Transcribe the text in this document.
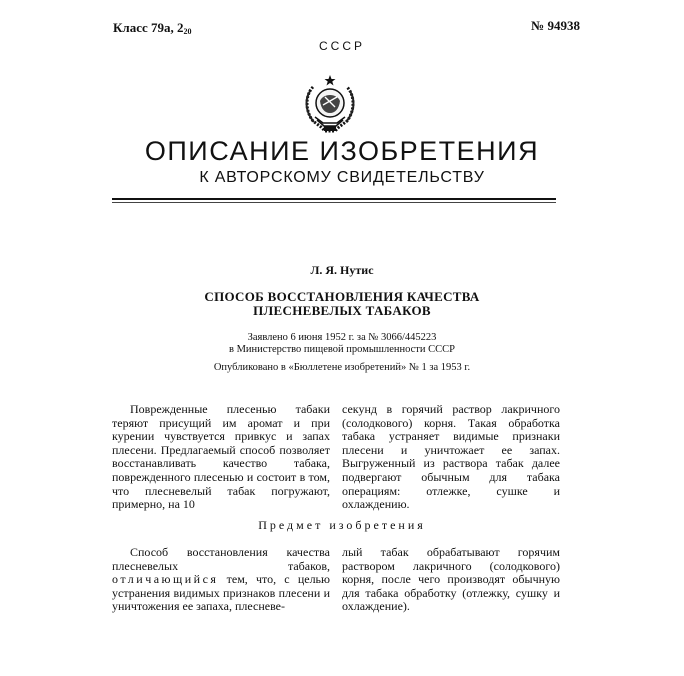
Класс 79а, $2_{20}$	№ 94938
СССР
ОПИСАНИЕ ИЗОБРЕТЕНИЯ
К АВТОРСКОМУ СВИДЕТЕЛЬСТВУ
Л. Я. Нутис
СПОСОБ ВОССТАНОВЛЕНИЯ КАЧЕСТВА ПЛЕСНЕВЕЛЫХ ТАБАКОВ
Заявлено 6 июня 1952 г. за № 3066/445223
в Министерство пищевой промышленности СССР
Опубликовано в «Бюллетене изобретений» № 1 за 1953 г.

Поврежденные плесенью табаки теряют присущий им аромат и при курении чувствуется привкус и запах плесени. Предлагаемый способ позволяет восстанавливать качество табака, поврежденного плесенью и состоит в том, что плесневелый табак погружают, примерно, на 10

секунд в горячий раствор лакричного (солодкового) корня. Такая обработка табака устраняет видимые признаки плесени и уничтожает ее запах. Выгруженный из раствора табак далее подвергают обычным для табака операциям: отлежке, сушке и охлаждению.

Предмет изобретения

Способ восстановления качества плесневелых табаков, отличающийся тем, что, с целью устранения видимых признаков плесени и уничтожения ее запаха, плесневе-

лый табак обрабатывают горячим раствором лакричного (солодкового) корня, после чего производят обычную для табака обработку (отлежку, сушку и охлаждение).
